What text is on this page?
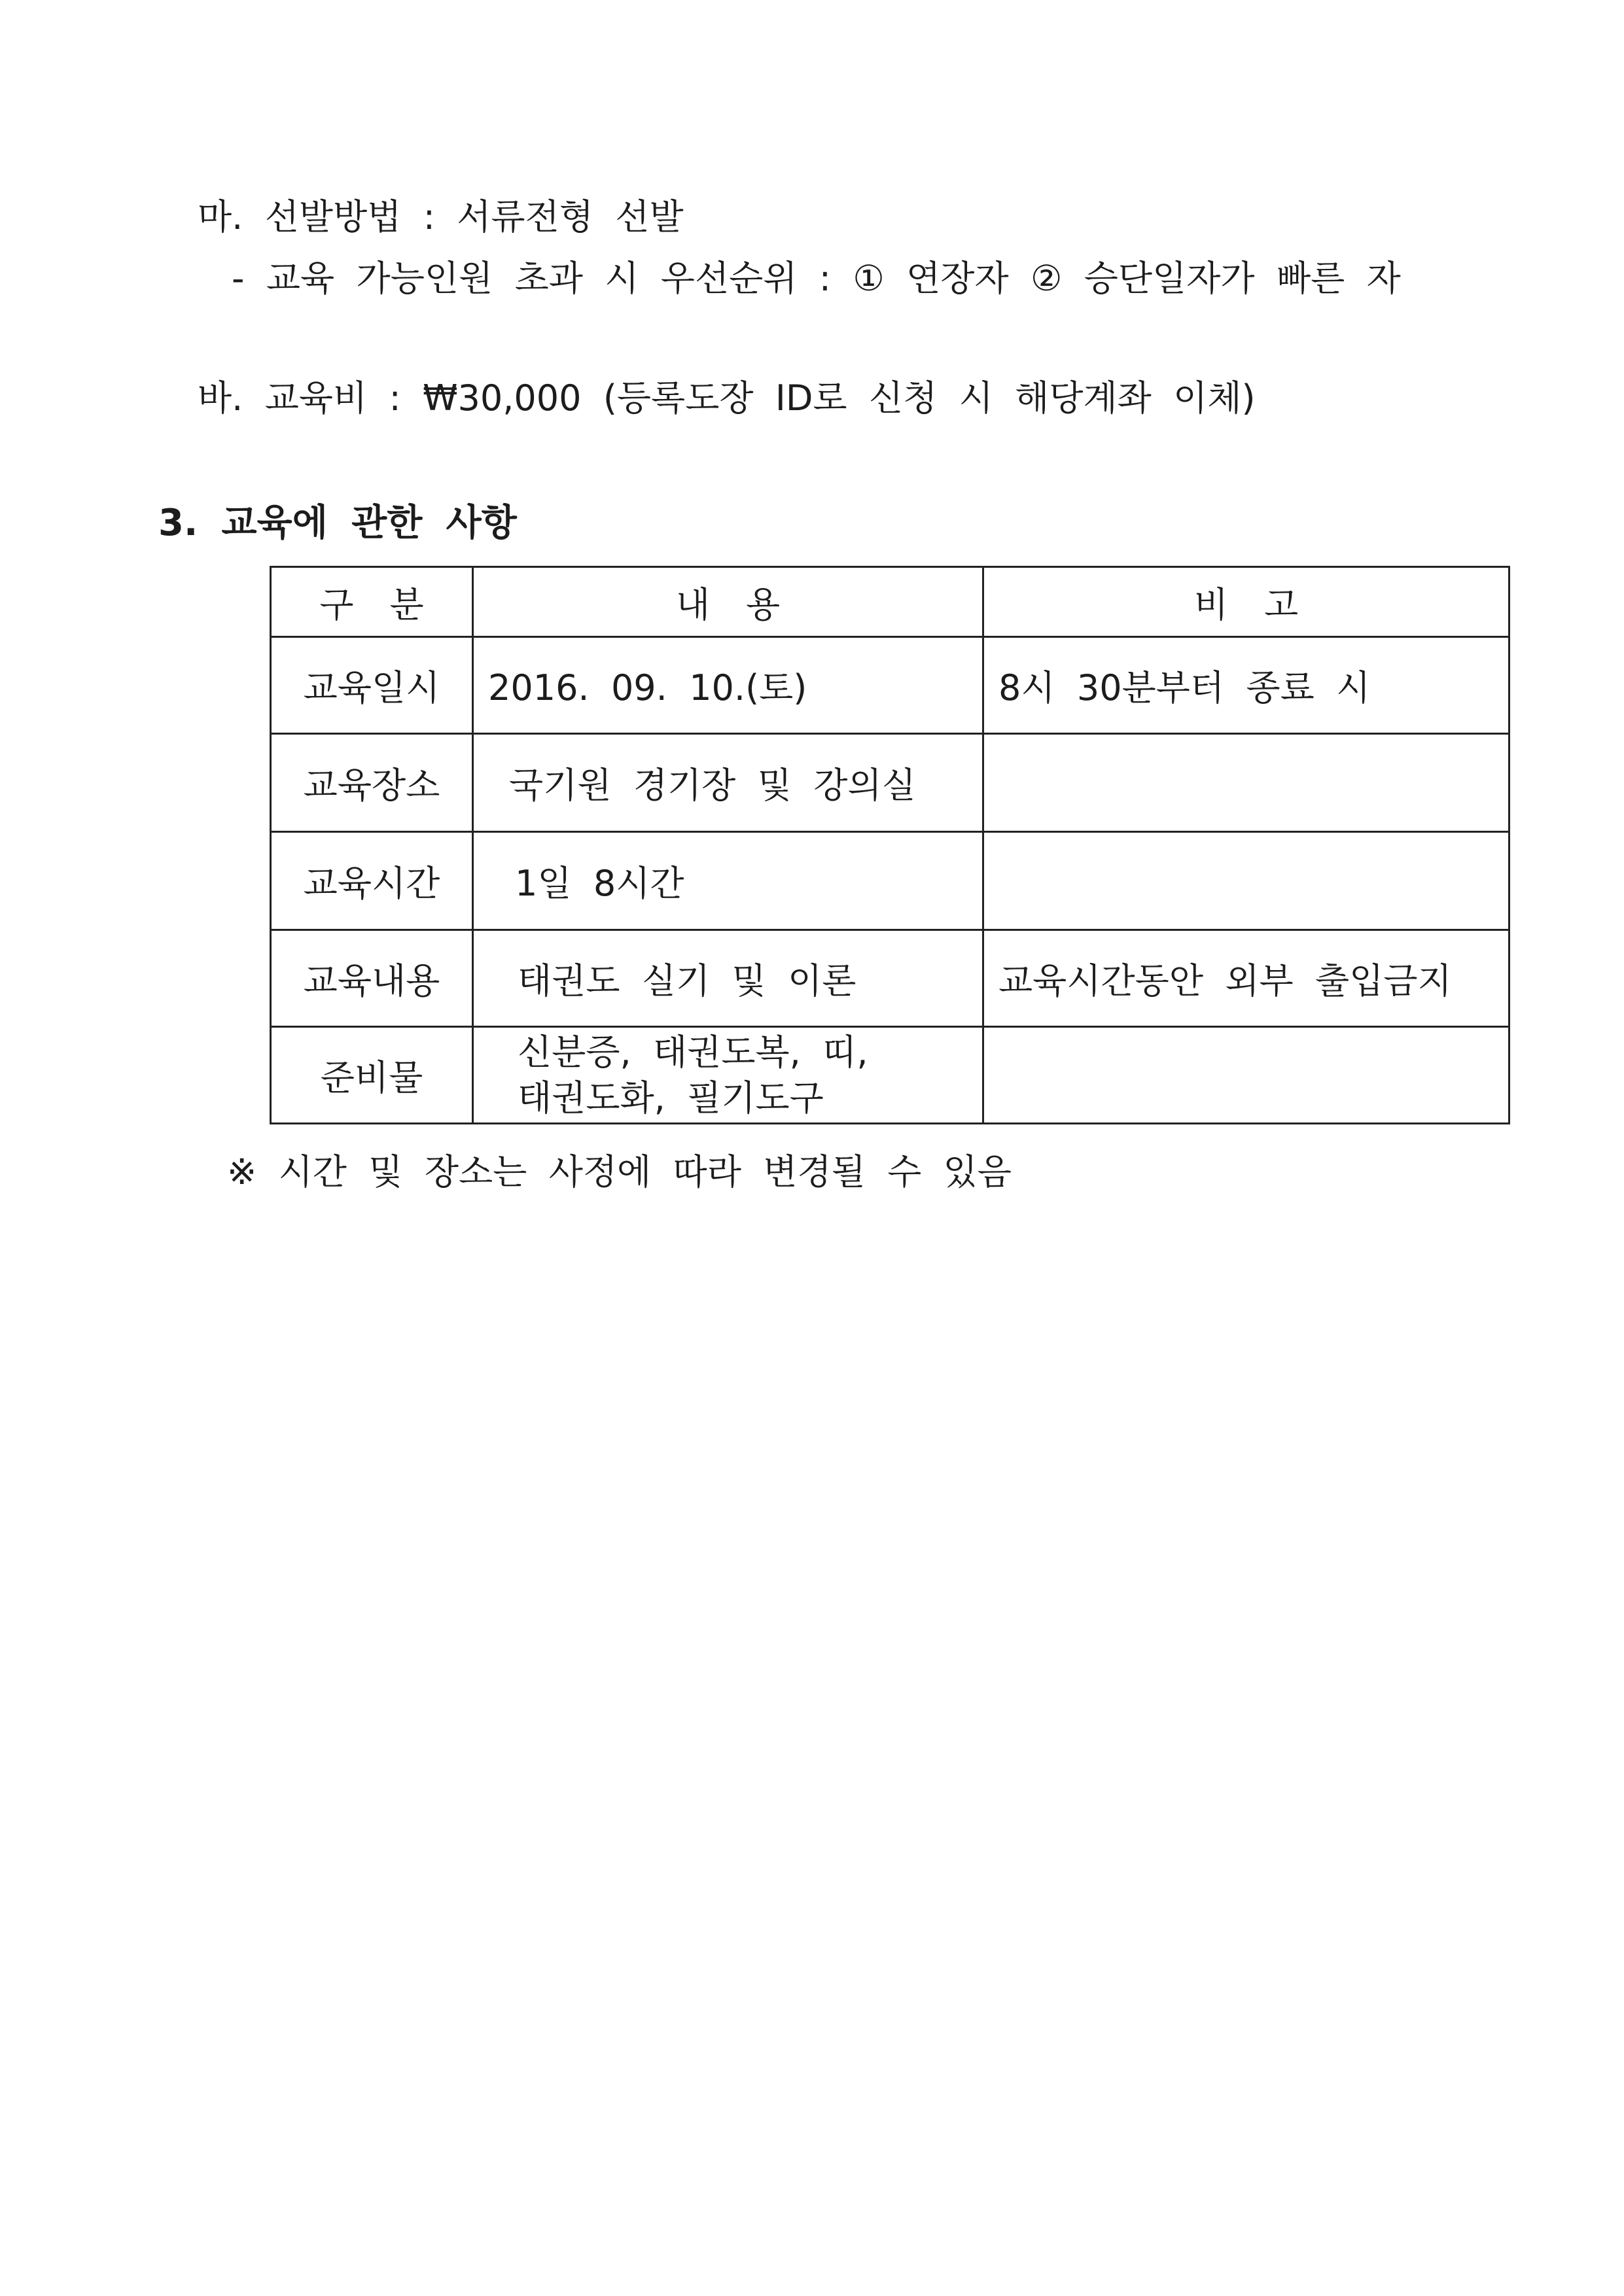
마. 선발방법 : 서류전형 선발
- 교육 가능인원 초과 시 우선순위 : ① 연장자 ② 승단일자가 빠른 자
바. 교육비 : ₩30,000 (등록도장 ID로 신청 시 해당계좌 이체)
3. 교육에 관한 사항
구 분	내 용	비 고
교육일시	2016. 09. 10.(토)	8시 30분부터 종료 시
교육장소	국기원 경기장 및 강의실	
교육시간	1일 8시간	
교육내용	태권도 실기 및 이론	교육시간동안 외부 출입금지
준비물	신분증, 태권도복, 띠,
태권도화, 필기도구	

※ 시간 및 장소는 사정에 따라 변경될 수 있음
